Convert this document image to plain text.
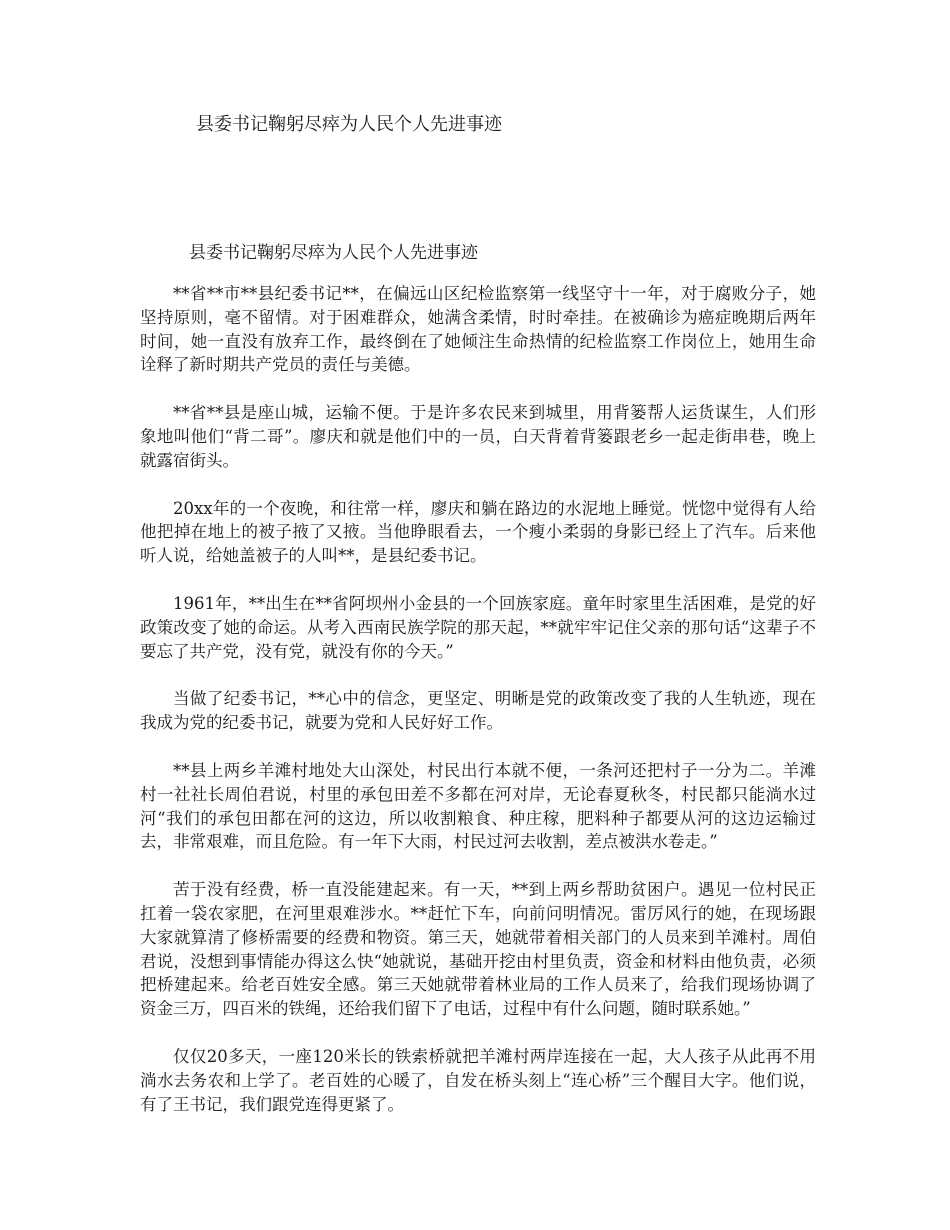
县委书记鞠躬尽瘁为人民个人先进事迹
县委书记鞠躬尽瘁为人民个人先进事迹

**省**市**县纪委书记**，在偏远山区纪检监察第一线坚守十一年，对于腐败分子，她坚持原则，毫不留情。对于困难群众，她满含柔情，时时牵挂。在被确诊为癌症晚期后两年时间，她一直没有放弃工作，最终倒在了她倾注生命热情的纪检监察工作岗位上，她用生命诠释了新时期共产党员的责任与美德。

**省**县是座山城，运输不便。于是许多农民来到城里，用背篓帮人运货谋生，人们形象地叫他们“背二哥”。廖庆和就是他们中的一员，白天背着背篓跟老乡一起走街串巷，晚上就露宿街头。

20xx年的一个夜晚，和往常一样，廖庆和躺在路边的水泥地上睡觉。恍惚中觉得有人给他把掉在地上的被子掖了又掖。当他睁眼看去，一个瘦小柔弱的身影已经上了汽车。后来他听人说，给她盖被子的人叫**，是县纪委书记。

1961年，**出生在**省阿坝州小金县的一个回族家庭。童年时家里生活困难，是党的好政策改变了她的命运。从考入西南民族学院的那天起，**就牢牢记住父亲的那句话“这辈子不要忘了共产党，没有党，就没有你的今天。”

当做了纪委书记，**心中的信念，更坚定、明晰是党的政策改变了我的人生轨迹，现在我成为党的纪委书记，就要为党和人民好好工作。

**县上两乡羊滩村地处大山深处，村民出行本就不便，一条河还把村子一分为二。羊滩村一社社长周伯君说，村里的承包田差不多都在河对岸，无论春夏秋冬，村民都只能淌水过河“我们的承包田都在河的这边，所以收割粮食、种庄稼，肥料种子都要从河的这边运输过去，非常艰难，而且危险。有一年下大雨，村民过河去收割，差点被洪水卷走。”

苦于没有经费，桥一直没能建起来。有一天，**到上两乡帮助贫困户。遇见一位村民正扛着一袋农家肥，在河里艰难涉水。**赶忙下车，向前问明情况。雷厉风行的她，在现场跟大家就算清了修桥需要的经费和物资。第三天，她就带着相关部门的人员来到羊滩村。周伯君说，没想到事情能办得这么快“她就说，基础开挖由村里负责，资金和材料由他负责，必须把桥建起来。给老百姓安全感。第三天她就带着林业局的工作人员来了，给我们现场协调了资金三万，四百米的铁绳，还给我们留下了电话，过程中有什么问题，随时联系她。”

仅仅20多天，一座120米长的铁索桥就把羊滩村两岸连接在一起，大人孩子从此再不用淌水去务农和上学了。老百姓的心暖了，自发在桥头刻上“连心桥”三个醒目大字。他们说，有了王书记，我们跟党连得更紧了。
